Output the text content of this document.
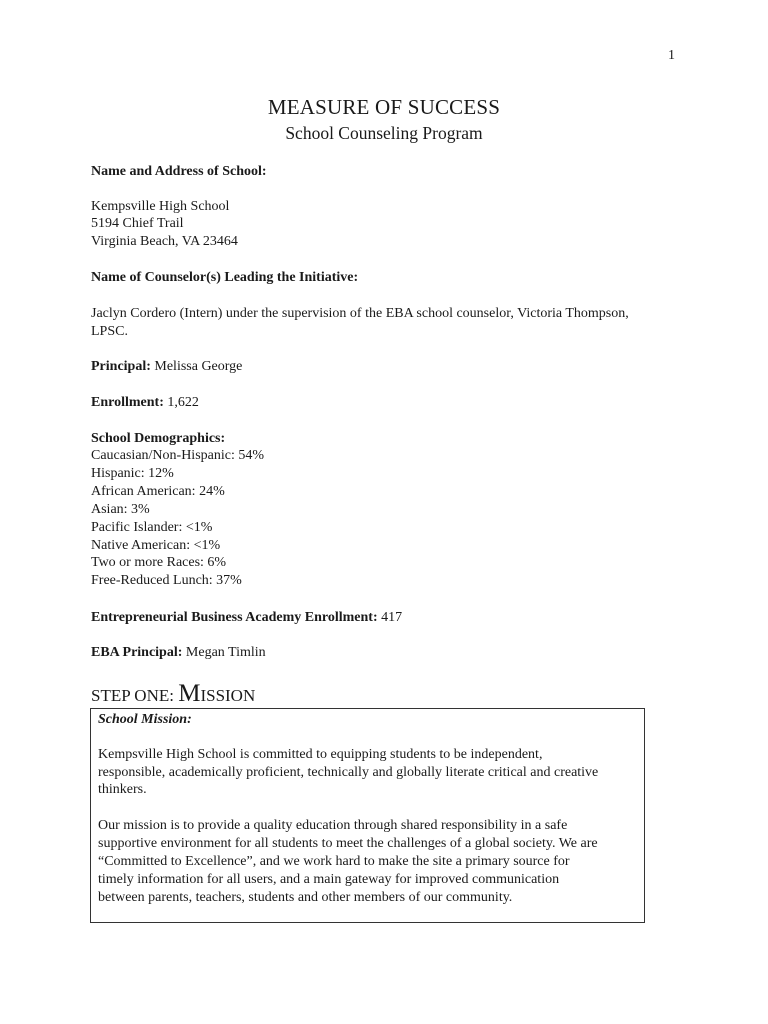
1
MEASURE OF SUCCESS
School Counseling Program
Name and Address of School:
Kempsville High School
5194 Chief Trail
Virginia Beach, VA 23464
Name of Counselor(s) Leading the Initiative:
Jaclyn Cordero (Intern) under the supervision of the EBA school counselor, Victoria Thompson,
LPSC.
Principal: Melissa George
Enrollment: 1,622
School Demographics:
Caucasian/Non-Hispanic: 54%
Hispanic: 12%
African American: 24%
Asian: 3%
Pacific Islander: <1%
Native American: <1%
Two or more Races: 6%
Free-Reduced Lunch: 37%
Entrepreneurial Business Academy Enrollment: 417
EBA Principal: Megan Timlin
STEP ONE: MISSION
School Mission:
Kempsville High School is committed to equipping students to be independent,
responsible, academically proficient, technically and globally literate critical and creative
thinkers.
Our mission is to provide a quality education through shared responsibility in a safe
supportive environment for all students to meet the challenges of a global society. We are
“Committed to Excellence”, and we work hard to make the site a primary source for
timely information for all users, and a main gateway for improved communication
between parents, teachers, students and other members of our community.
